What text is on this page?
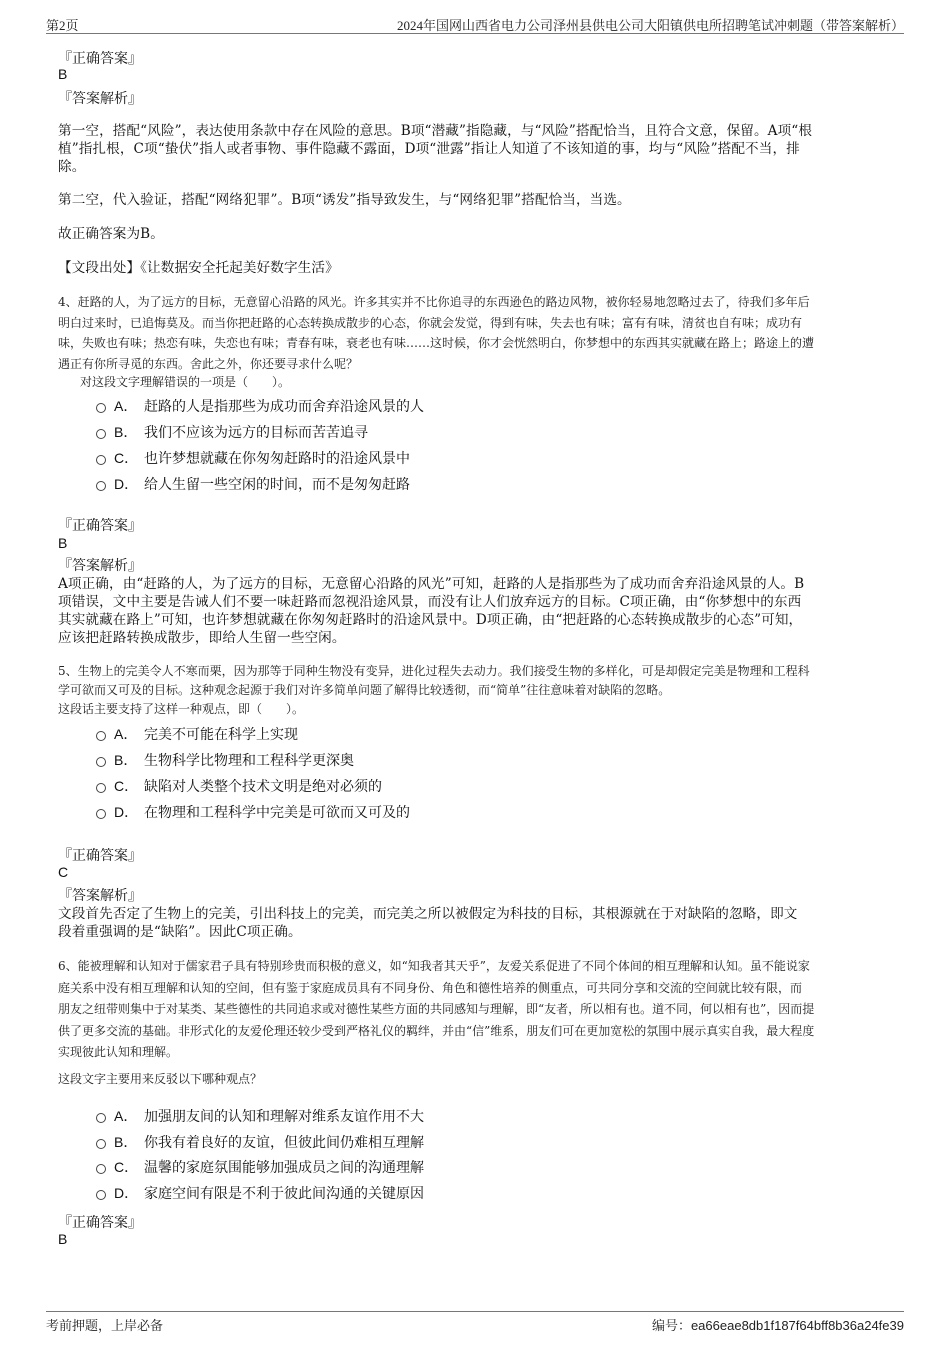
第2页	2024年国网山西省电力公司泽州县供电公司大阳镇供电所招聘笔试冲刺题（带答案解析）
『正确答案』
B
『答案解析』
第一空，搭配“风险”，表达使用条款中存在风险的意思。B项“潜藏”指隐藏，与“风险”搭配恰当，且符合文意，保留。A项“根
植”指扎根，C项“蛰伏”指人或者事物、事件隐藏不露面，D项“泄露”指让人知道了不该知道的事，均与“风险”搭配不当，排
除。
第二空，代入验证，搭配“网络犯罪”。B项“诱发”指导致发生，与“网络犯罪”搭配恰当，当选。
故正确答案为B。
【文段出处】《让数据安全托起美好数字生活》
4、赶路的人，为了远方的目标，无意留心沿路的风光。许多其实并不比你追寻的东西逊色的路边风物，被你轻易地忽略过去了，待我们多年后
明白过来时，已追悔莫及。而当你把赶路的心态转换成散步的心态，你就会发觉，得到有味，失去也有味；富有有味，清贫也自有味；成功有
味，失败也有味；热恋有味，失恋也有味；青春有味，衰老也有味……这时候，你才会恍然明白，你梦想中的东西其实就藏在路上；路途上的遭
遇正有你所寻觅的东西。舍此之外，你还要寻求什么呢？
对这段文字理解错误的一项是（　　）。
A． 赶路的人是指那些为成功而舍弃沿途风景的人
B． 我们不应该为远方的目标而苦苦追寻
C． 也许梦想就藏在你匆匆赶路时的沿途风景中
D． 给人生留一些空闲的时间，而不是匆匆赶路
『正确答案』
B
『答案解析』
A项正确，由“赶路的人，为了远方的目标，无意留心沿路的风光”可知，赶路的人是指那些为了成功而舍弃沿途风景的人。B
项错误，文中主要是告诫人们不要一味赶路而忽视沿途风景，而没有让人们放弃远方的目标。C项正确，由“你梦想中的东西
其实就藏在路上”可知，也许梦想就藏在你匆匆赶路时的沿途风景中。D项正确，由“把赶路的心态转换成散步的心态”可知，
应该把赶路转换成散步，即给人生留一些空闲。
5、生物上的完美令人不寒而栗，因为那等于同种生物没有变异，进化过程失去动力。我们接受生物的多样化，可是却假定完美是物理和工程科
学可欲而又可及的目标。这种观念起源于我们对许多简单问题了解得比较透彻，而“简单”往往意味着对缺陷的忽略。
这段话主要支持了这样一种观点，即（　　）。
A． 完美不可能在科学上实现
B． 生物科学比物理和工程科学更深奥
C． 缺陷对人类整个技术文明是绝对必须的
D． 在物理和工程科学中完美是可欲而又可及的
『正确答案』
C
『答案解析』
文段首先否定了生物上的完美，引出科技上的完美，而完美之所以被假定为科技的目标，其根源就在于对缺陷的忽略，即文
段着重强调的是“缺陷”。因此C项正确。
6、能被理解和认知对于儒家君子具有特别珍贵而积极的意义，如“知我者其天乎”，友爱关系促进了不同个体间的相互理解和认知。虽不能说家
庭关系中没有相互理解和认知的空间，但有鉴于家庭成员具有不同身份、角色和德性培养的侧重点，可共同分享和交流的空间就比较有限，而
朋友之纽带则集中于对某类、某些德性的共同追求或对德性某些方面的共同感知与理解，即“友者，所以相有也。道不同，何以相有也”，因而提
供了更多交流的基础。非形式化的友爱伦理还较少受到严格礼仪的羁绊，并由“信”维系，朋友们可在更加宽松的氛围中展示真实自我，最大程度
实现彼此认知和理解。
这段文字主要用来反驳以下哪种观点？
A． 加强朋友间的认知和理解对维系友谊作用不大
B． 你我有着良好的友谊，但彼此间仍难相互理解
C． 温馨的家庭氛围能够加强成员之间的沟通理解
D． 家庭空间有限是不利于彼此间沟通的关键原因
『正确答案』
B
考前押题，上岸必备	编号：ea66eae8db1f187f64bff8b36a24fe39
